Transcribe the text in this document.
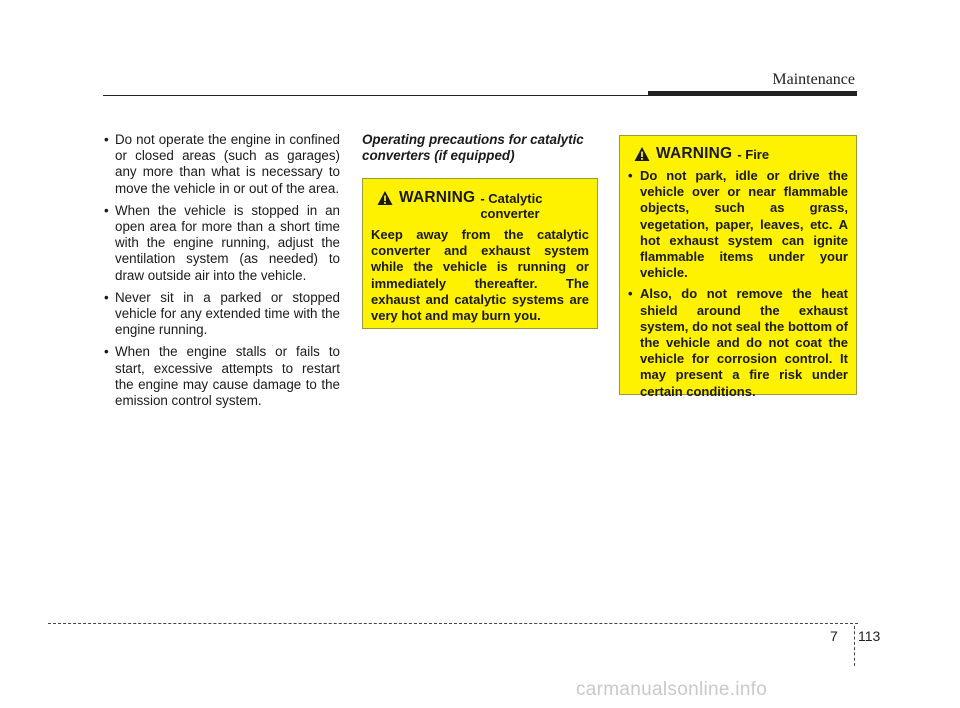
Maintenance
• Do not operate the engine in confined or closed areas (such as garages) any more than what is necessary to move the vehicle in or out of the area.
• When the vehicle is stopped in an open area for more than a short time with the engine running, adjust the ventilation system (as needed) to draw outside air into the vehicle.
• Never sit in a parked or stopped vehicle for any extended time with the engine running.
• When the engine stalls or fails to start, excessive attempts to restart the engine may cause damage to the emission control system.
Operating precautions for catalytic converters (if equipped)
WARNING - Catalytic converter
Keep away from the catalytic converter and exhaust system while the vehicle is running or immediately thereafter. The exhaust and catalytic systems are very hot and may burn you.
WARNING - Fire
• Do not park, idle or drive the vehicle over or near flammable objects, such as grass, vegetation, paper, leaves, etc. A hot exhaust system can ignite flammable items under your vehicle.
• Also, do not remove the heat shield around the exhaust system, do not seal the bottom of the vehicle and do not coat the vehicle for corrosion control. It may present a fire risk under certain conditions.
7 113
carmanualsonline.info
